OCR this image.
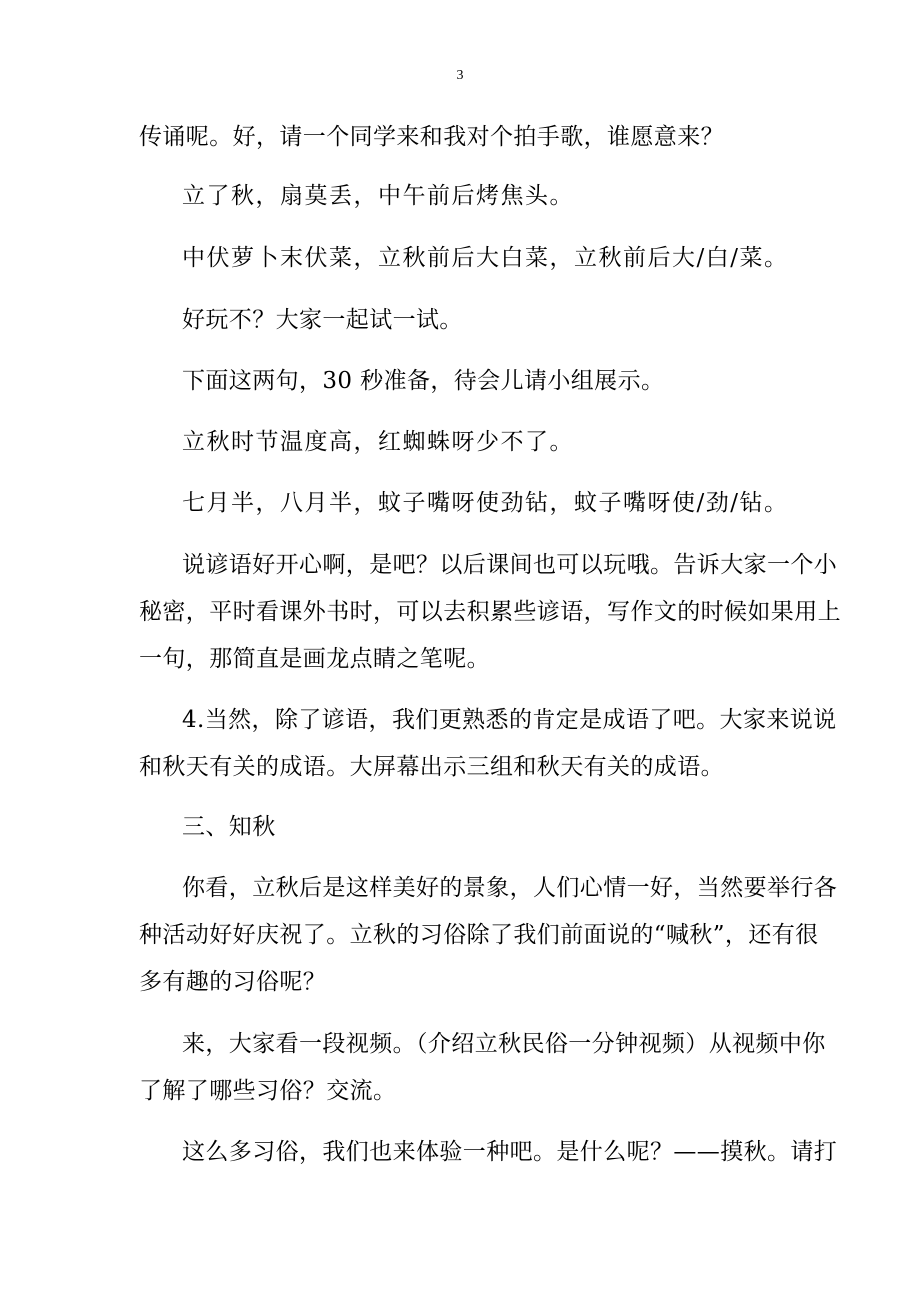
3
传诵呢。好，请一个同学来和我对个拍手歌，谁愿意来？
立了秋，扇莫丢，中午前后烤焦头。
中伏萝卜末伏菜，立秋前后大白菜，立秋前后大/白/菜。
好玩不？大家一起试一试。
下面这两句，30 秒准备，待会儿请小组展示。
立秋时节温度高，红蜘蛛呀少不了。
七月半，八月半，蚊子嘴呀使劲钻，蚊子嘴呀使/劲/钻。
说谚语好开心啊，是吧？以后课间也可以玩哦。告诉大家一个小
秘密，平时看课外书时，可以去积累些谚语，写作文的时候如果用上
一句，那简直是画龙点睛之笔呢。
4.当然，除了谚语，我们更熟悉的肯定是成语了吧。大家来说说
和秋天有关的成语。大屏幕出示三组和秋天有关的成语。
三、知秋
你看，立秋后是这样美好的景象，人们心情一好，当然要举行各
种活动好好庆祝了。立秋的习俗除了我们前面说的“喊秋”，还有很
多有趣的习俗呢？
来，大家看一段视频。（介绍立秋民俗一分钟视频）从视频中你
了解了哪些习俗？交流。
这么多习俗，我们也来体验一种吧。是什么呢？——摸秋。请打
